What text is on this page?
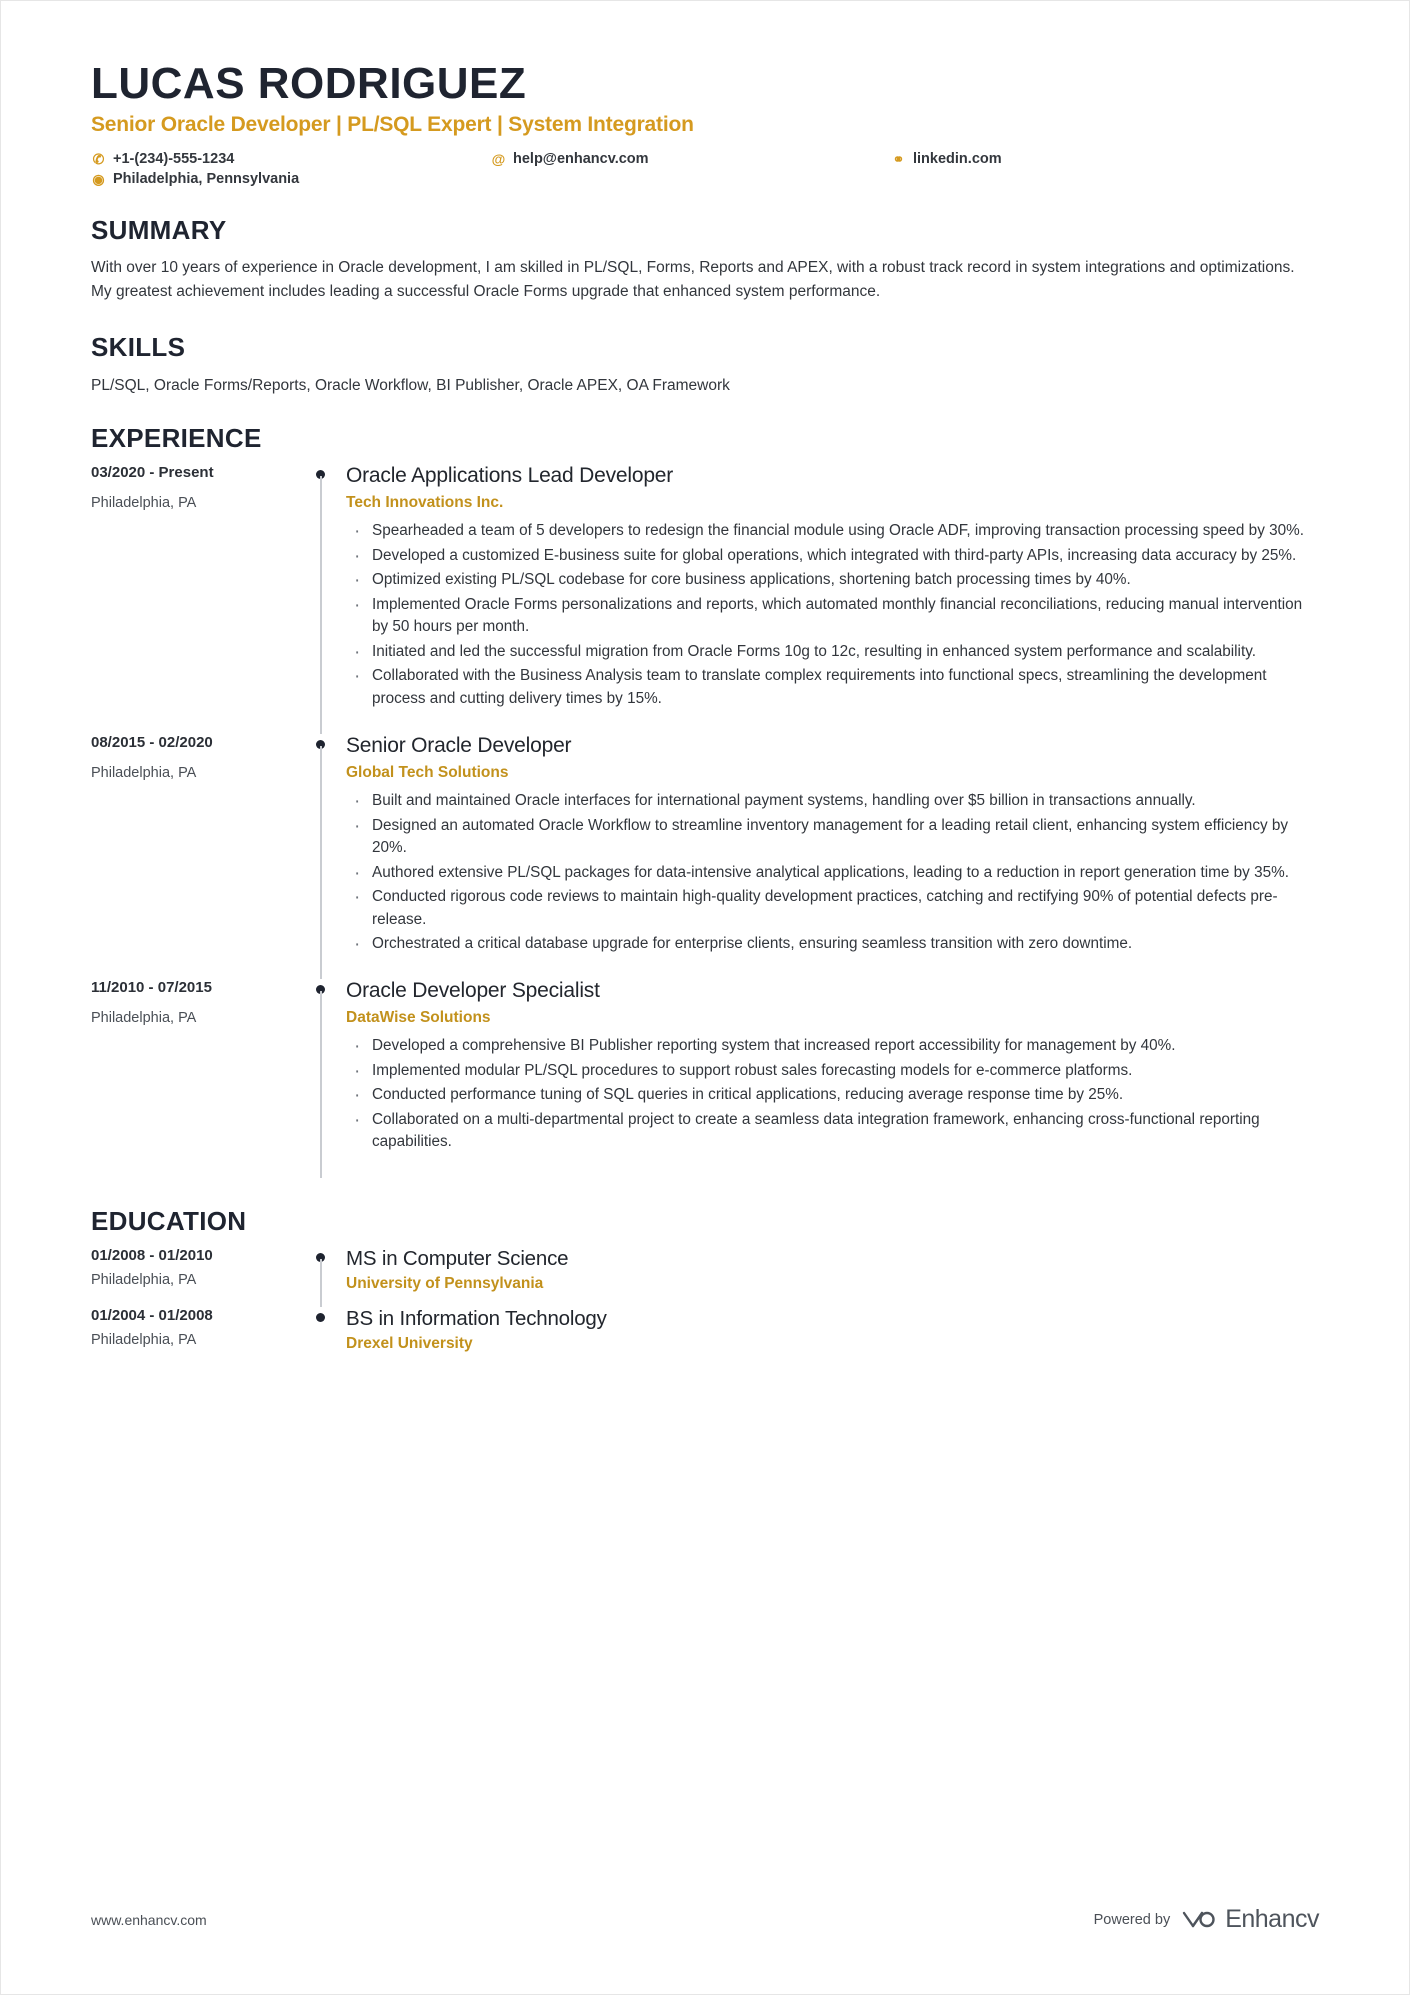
LUCAS RODRIGUEZ
Senior Oracle Developer | PL/SQL Expert | System Integration
✆ +1-(234)-555-1234	@ help@enhancv.com	⚭ linkedin.com
◉ Philadelphia, Pennsylvania
SUMMARY

With over 10 years of experience in Oracle development, I am skilled in PL/SQL, Forms, Reports and APEX, with a robust track record in system integrations and optimizations. My greatest achievement includes leading a successful Oracle Forms upgrade that enhanced system performance.

SKILLS

PL/SQL, Oracle Forms/Reports, Oracle Workflow, BI Publisher, Oracle APEX, OA Framework

EXPERIENCE
03/2020 - Present
Philadelphia, PA
Oracle Applications Lead Developer
Tech Innovations Inc.
· Spearheaded a team of 5 developers to redesign the financial module using Oracle ADF, improving transaction processing speed by 30%.
· Developed a customized E-business suite for global operations, which integrated with third-party APIs, increasing data accuracy by 25%.
· Optimized existing PL/SQL codebase for core business applications, shortening batch processing times by 40%.
· Implemented Oracle Forms personalizations and reports, which automated monthly financial reconciliations, reducing manual intervention by 50 hours per month.
· Initiated and led the successful migration from Oracle Forms 10g to 12c, resulting in enhanced system performance and scalability.
· Collaborated with the Business Analysis team to translate complex requirements into functional specs, streamlining the development process and cutting delivery times by 15%.
08/2015 - 02/2020
Philadelphia, PA
Senior Oracle Developer
Global Tech Solutions
· Built and maintained Oracle interfaces for international payment systems, handling over $5 billion in transactions annually.
· Designed an automated Oracle Workflow to streamline inventory management for a leading retail client, enhancing system efficiency by 20%.
· Authored extensive PL/SQL packages for data-intensive analytical applications, leading to a reduction in report generation time by 35%.
· Conducted rigorous code reviews to maintain high-quality development practices, catching and rectifying 90% of potential defects pre-release.
· Orchestrated a critical database upgrade for enterprise clients, ensuring seamless transition with zero downtime.
11/2010 - 07/2015
Philadelphia, PA
Oracle Developer Specialist
DataWise Solutions
· Developed a comprehensive BI Publisher reporting system that increased report accessibility for management by 40%.
· Implemented modular PL/SQL procedures to support robust sales forecasting models for e-commerce platforms.
· Conducted performance tuning of SQL queries in critical applications, reducing average response time by 25%.
· Collaborated on a multi-departmental project to create a seamless data integration framework, enhancing cross-functional reporting capabilities.
EDUCATION
01/2008 - 01/2010
Philadelphia, PA
MS in Computer Science
University of Pennsylvania
01/2004 - 01/2008
Philadelphia, PA
BS in Information Technology
Drexel University
www.enhancv.com	Powered by Enhancv
